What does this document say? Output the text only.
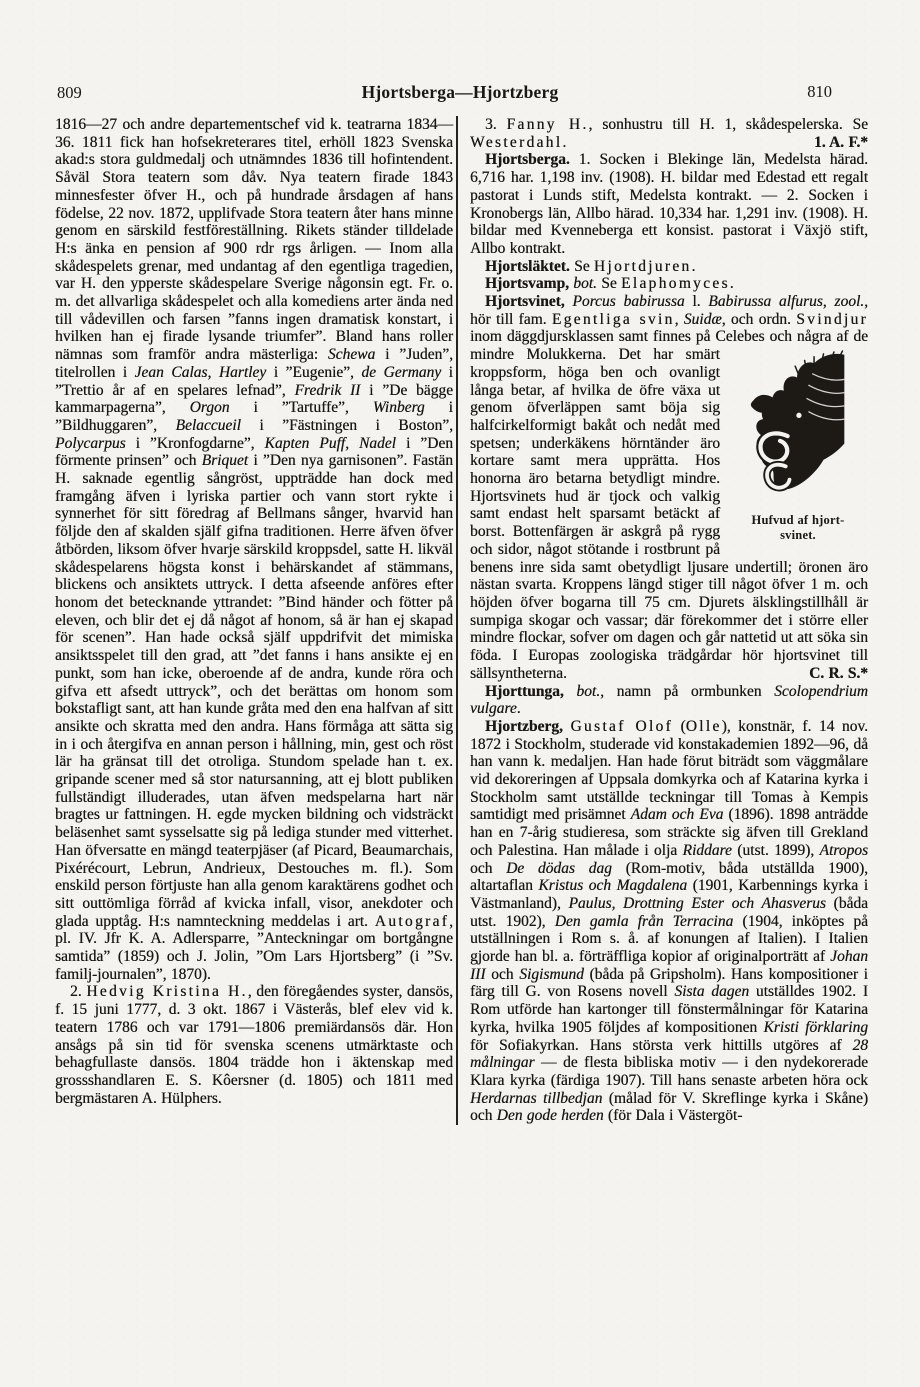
809	Hjortsberga—Hjortzberg	810

1816—27 och andre departementschef vid k. teatrarna 1834—36. 1811 fick han hofsekreterares titel, erhöll 1823 Svenska akad:s stora guldmedalj och utnämndes 1836 till hofintendent. Såväl Stora teatern som dåv. Nya teatern firade 1843 minnesfester öfver H., och på hundrade årsdagen af hans födelse, 22 nov. 1872, upplifvade Stora teatern åter hans minne genom en särskild festföreställning. Rikets ständer tilldelade H:s änka en pension af 900 rdr rgs årligen. — Inom alla skådespelets grenar, med undantag af den egentliga tragedien, var H. den ypperste skådespelare Sverige någonsin egt. Fr. o. m. det allvarliga skådespelet och alla komediens arter ända ned till vådevillen och farsen ”fanns ingen dramatisk konstart, i hvilken han ej firade lysande triumfer”. Bland hans roller nämnas som framför andra mästerliga: Schewa i ”Juden”, titelrollen i Jean Calas, Hartley i ”Eugenie”, de Germany i ”Trettio år af en spelares lefnad”, Fredrik II i ”De bägge kammarpagerna”, Orgon i ”Tartuffe”, Winberg i ”Bildhuggaren”, Belaccueil i ”Fästningen i Boston”, Polycarpus i ”Kronfogdarne”, Kapten Puff, Nadel i ”Den förmente prinsen” och Briquet i ”Den nya garnisonen”. Fastän H. saknade egentlig sångröst, uppträdde han dock med framgång äfven i lyriska partier och vann stort rykte i synnerhet för sitt föredrag af Bellmans sånger, hvarvid han följde den af skalden själf gifna traditionen. Herre äfven öfver åtbörden, liksom öfver hvarje särskild kroppsdel, satte H. likväl skådespelarens högsta konst i behärskandet af stämmans, blickens och ansiktets uttryck. I detta afseende anföres efter honom det betecknande yttrandet: ”Bind händer och fötter på eleven, och blir det ej då något af honom, så är han ej skapad för scenen”. Han hade också själf uppdrifvit det mimiska ansiktsspelet till den grad, att ”det fanns i hans ansikte ej en punkt, som han icke, oberoende af de andra, kunde röra och gifva ett afsedt uttryck”, och det berättas om honom som bokstafligt sant, att han kunde gråta med den ena halfvan af sitt ansikte och skratta med den andra. Hans förmåga att sätta sig in i och återgifva en annan person i hållning, min, gest och röst lär ha gränsat till det otroliga. Stundom spelade han t. ex. gripande scener med så stor natursanning, att ej blott publiken fullständigt illuderades, utan äfven medspelarna hart när bragtes ur fattningen. H. egde mycken bildning och vidsträckt beläsenhet samt sysselsatte sig på lediga stunder med vitterhet. Han öfversatte en mängd teaterpjäser (af Picard, Beaumarchais, Pixérécourt, Lebrun, Andrieux, Destouches m. fl.). Som enskild person förtjuste han alla genom karaktärens godhet och sitt outtömliga förråd af kvicka infall, visor, anekdoter och glada upptåg. H:s namnteckning meddelas i art. Autograf, pl. IV. Jfr K. A. Adlersparre, ”Anteckningar om bortgångne samtida” (1859) och J. Jolin, ”Om Lars Hjortsberg” (i ”Sv. familj-journalen”, 1870).

2. Hedvig Kristina H., den föregåendes syster, dansös, f. 15 juni 1777, d. 3 okt. 1867 i Västerås, blef elev vid k. teatern 1786 och var 1791—1806 premiärdansös där. Hon ansågs på sin tid för svenska scenens utmärktaste och behagfullaste dansös. 1804 trädde hon i äktenskap med grossshandlaren E. S. Kôersner (d. 1805) och 1811 med bergmästaren A. Hülphers.

3. Fanny H., sonhustru till H. 1, skådespelerska. Se Westerdahl.	1. A. F.*

Hjortsberga. 1. Socken i Blekinge län, Medelsta härad. 6,716 har. 1,198 inv. (1908). H. bildar med Edestad ett regalt pastorat i Lunds stift, Medelsta kontrakt. — 2. Socken i Kronobergs län, Allbo härad. 10,334 har. 1,291 inv. (1908). H. bildar med Kvenneberga ett konsist. pastorat i Växjö stift, Allbo kontrakt.

Hjortsläktet. Se Hjortdjuren.

Hjortsvamp, bot. Se Elaphomyces.

Hjortsvinet, Porcus babirussa l. Babirussa alfurus, zool., hör till fam. Egentliga svin, Suidæ, och ordn. Svindjur inom däggdjursklassen samt finnes på Celebes och några af de mindre Molukkerna.
Hufvud af hjort-
svinet.
Det har smärt kroppsform, höga ben och ovanligt långa betar, af hvilka de öfre växa ut genom öfverläppen samt böja sig halfcirkelformigt bakåt och nedåt med spetsen; underkäkens hörntänder äro kortare samt mera upprätta. Hos honorna äro betarna betydligt mindre. Hjortsvinets hud är tjock och valkig samt endast helt sparsamt betäckt af borst. Bottenfärgen är askgrå på rygg och sidor, något stötande i rostbrunt på benens inre sida samt obetydligt ljusare undertill; öronen äro nästan svarta. Kroppens längd stiger till något öfver 1 m. och höjden öfver bogarna till 75 cm. Djurets älsklingstillhåll är sumpiga skogar och vassar; där förekommer det i större eller mindre flockar, sofver om dagen och går nattetid ut att söka sin föda. I Europas zoologiska trädgårdar hör hjortsvinet till sällsyntheterna.	C. R. S.*

Hjorttunga, bot., namn på ormbunken Scolopendrium vulgare.

Hjortzberg, Gustaf Olof (Olle), konstnär, f. 14 nov. 1872 i Stockholm, studerade vid konstakademien 1892—96, då han vann k. medaljen. Han hade förut biträdt som väggmålare vid dekoreringen af Uppsala domkyrka och af Katarina kyrka i Stockholm samt utställde teckningar till Tomas à Kempis samtidigt med prisämnet Adam och Eva (1896). 1898 anträdde han en 7-årig studieresa, som sträckte sig äfven till Grekland och Palestina. Han målade i olja Riddare (utst. 1899), Atropos och De dödas dag (Rom-motiv, båda utställda 1900), altartaflan Kristus och Magdalena (1901, Karbennings kyrka i Västmanland), Paulus, Drottning Ester och Ahasverus (båda utst. 1902), Den gamla från Terracina (1904, inköptes på utställningen i Rom s. å. af konungen af Italien). I Italien gjorde han bl. a. förträffliga kopior af originalporträtt af Johan III och Sigismund (båda på Gripsholm). Hans kompositioner i färg till G. von Rosens novell Sista dagen utställdes 1902. I Rom utförde han kartonger till fönstermålningar för Katarina kyrka, hvilka 1905 följdes af kompositionen Kristi förklaring för Sofiakyrkan. Hans största verk hittills utgöres af 28 målningar — de flesta bibliska motiv — i den nydekorerade Klara kyrka (färdiga 1907). Till hans senaste arbeten höra ock Herdarnas tillbedjan (målad för V. Skreflinge kyrka i Skåne) och Den gode herden (för Dala i Västergöt-
